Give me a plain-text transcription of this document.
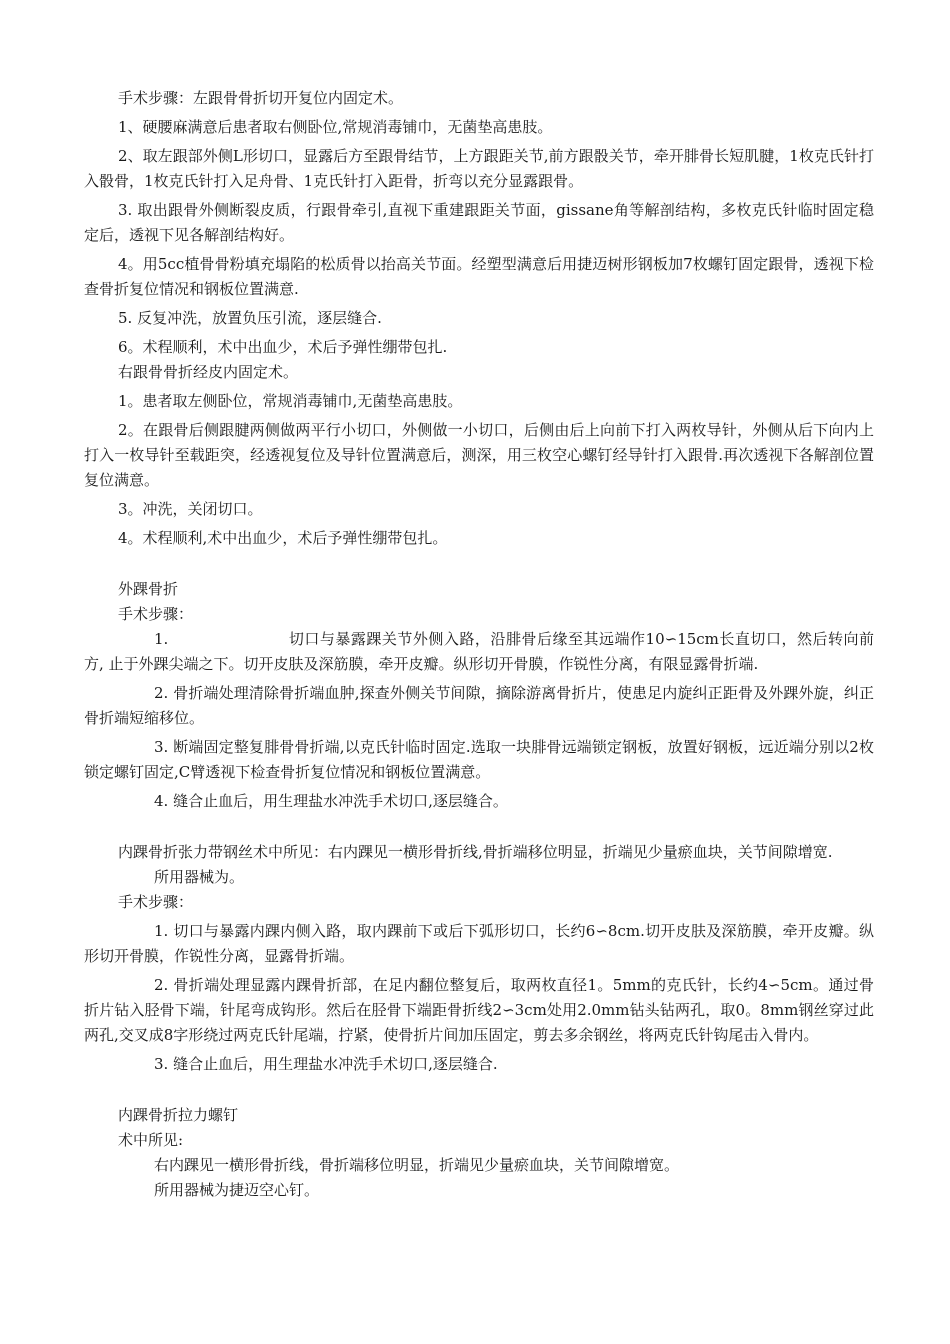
手术步骤：左跟骨骨折切开复位内固定术。

1、硬腰麻满意后患者取右侧卧位,常规消毒铺巾，无菌垫高患肢。

2、取左跟部外侧L形切口，显露后方至跟骨结节，上方跟距关节,前方跟骰关节，牵开腓骨长短肌腱，1枚克氏针打入骰骨，1枚克氏针打入足舟骨、1克氏针打入距骨，折弯以充分显露跟骨。

3. 取出跟骨外侧断裂皮质，行跟骨牵引,直视下重建跟距关节面，gissane角等解剖结构，多枚克氏针临时固定稳定后，透视下见各解剖结构好。

4。用5cc植骨骨粉填充塌陷的松质骨以抬高关节面。经塑型满意后用捷迈树形钢板加7枚螺钉固定跟骨，透视下检查骨折复位情况和钢板位置满意.

5. 反复冲洗，放置负压引流，逐层缝合.

6。术程顺利，术中出血少，术后予弹性绷带包扎.

右跟骨骨折经皮内固定术。

1。患者取左侧卧位，常规消毒铺巾,无菌垫高患肢。

2。在跟骨后侧跟腱两侧做两平行小切口，外侧做一小切口，后侧由后上向前下打入两枚导针，外侧从后下向内上打入一枚导针至载距突，经透视复位及导针位置满意后，测深，用三枚空心螺钉经导针打入跟骨.再次透视下各解剖位置复位满意。

3。冲洗，关闭切口。

4。术程顺利,术中出血少，术后予弹性绷带包扎。

外踝骨折

手术步骤：

1.	切口与暴露踝关节外侧入路，沿腓骨后缘至其远端作10∽15cm长直切口，然后转向前方, 止于外踝尖端之下。切开皮肤及深筋膜，牵开皮瓣。纵形切开骨膜，作锐性分离，有限显露骨折端.

2. 骨折端处理清除骨折端血肿,探查外侧关节间隙，摘除游离骨折片，使患足内旋纠正距骨及外踝外旋，纠正骨折端短缩移位。

3. 断端固定整复腓骨骨折端,以克氏针临时固定.选取一块腓骨远端锁定钢板，放置好钢板，远近端分别以2枚锁定螺钉固定,C臂透视下检查骨折复位情况和钢板位置满意。

4. 缝合止血后，用生理盐水冲洗手术切口,逐层缝合。

内踝骨折张力带钢丝术中所见：右内踝见一横形骨折线,骨折端移位明显，折端见少量瘀血块，关节间隙增宽.

所用器械为。

手术步骤：

1. 切口与暴露内踝内侧入路，取内踝前下或后下弧形切口，长约6∽8cm.切开皮肤及深筋膜，牵开皮瓣。纵形切开骨膜，作锐性分离，显露骨折端。

2. 骨折端处理显露内踝骨折部，在足内翻位整复后，取两枚直径1。5mm的克氏针，长约4∽5cm。通过骨折片钻入胫骨下端，针尾弯成钩形。然后在胫骨下端距骨折线2∽3cm处用2.0mm钻头钻两孔，取0。8mm钢丝穿过此两孔,交叉成8字形绕过两克氏针尾端，拧紧，使骨折片间加压固定，剪去多余钢丝，将两克氏针钩尾击入骨内。

3. 缝合止血后，用生理盐水冲洗手术切口,逐层缝合.

内踝骨折拉力螺钉

术中所见:

右内踝见一横形骨折线，骨折端移位明显，折端见少量瘀血块，关节间隙增宽。

所用器械为捷迈空心钉。
